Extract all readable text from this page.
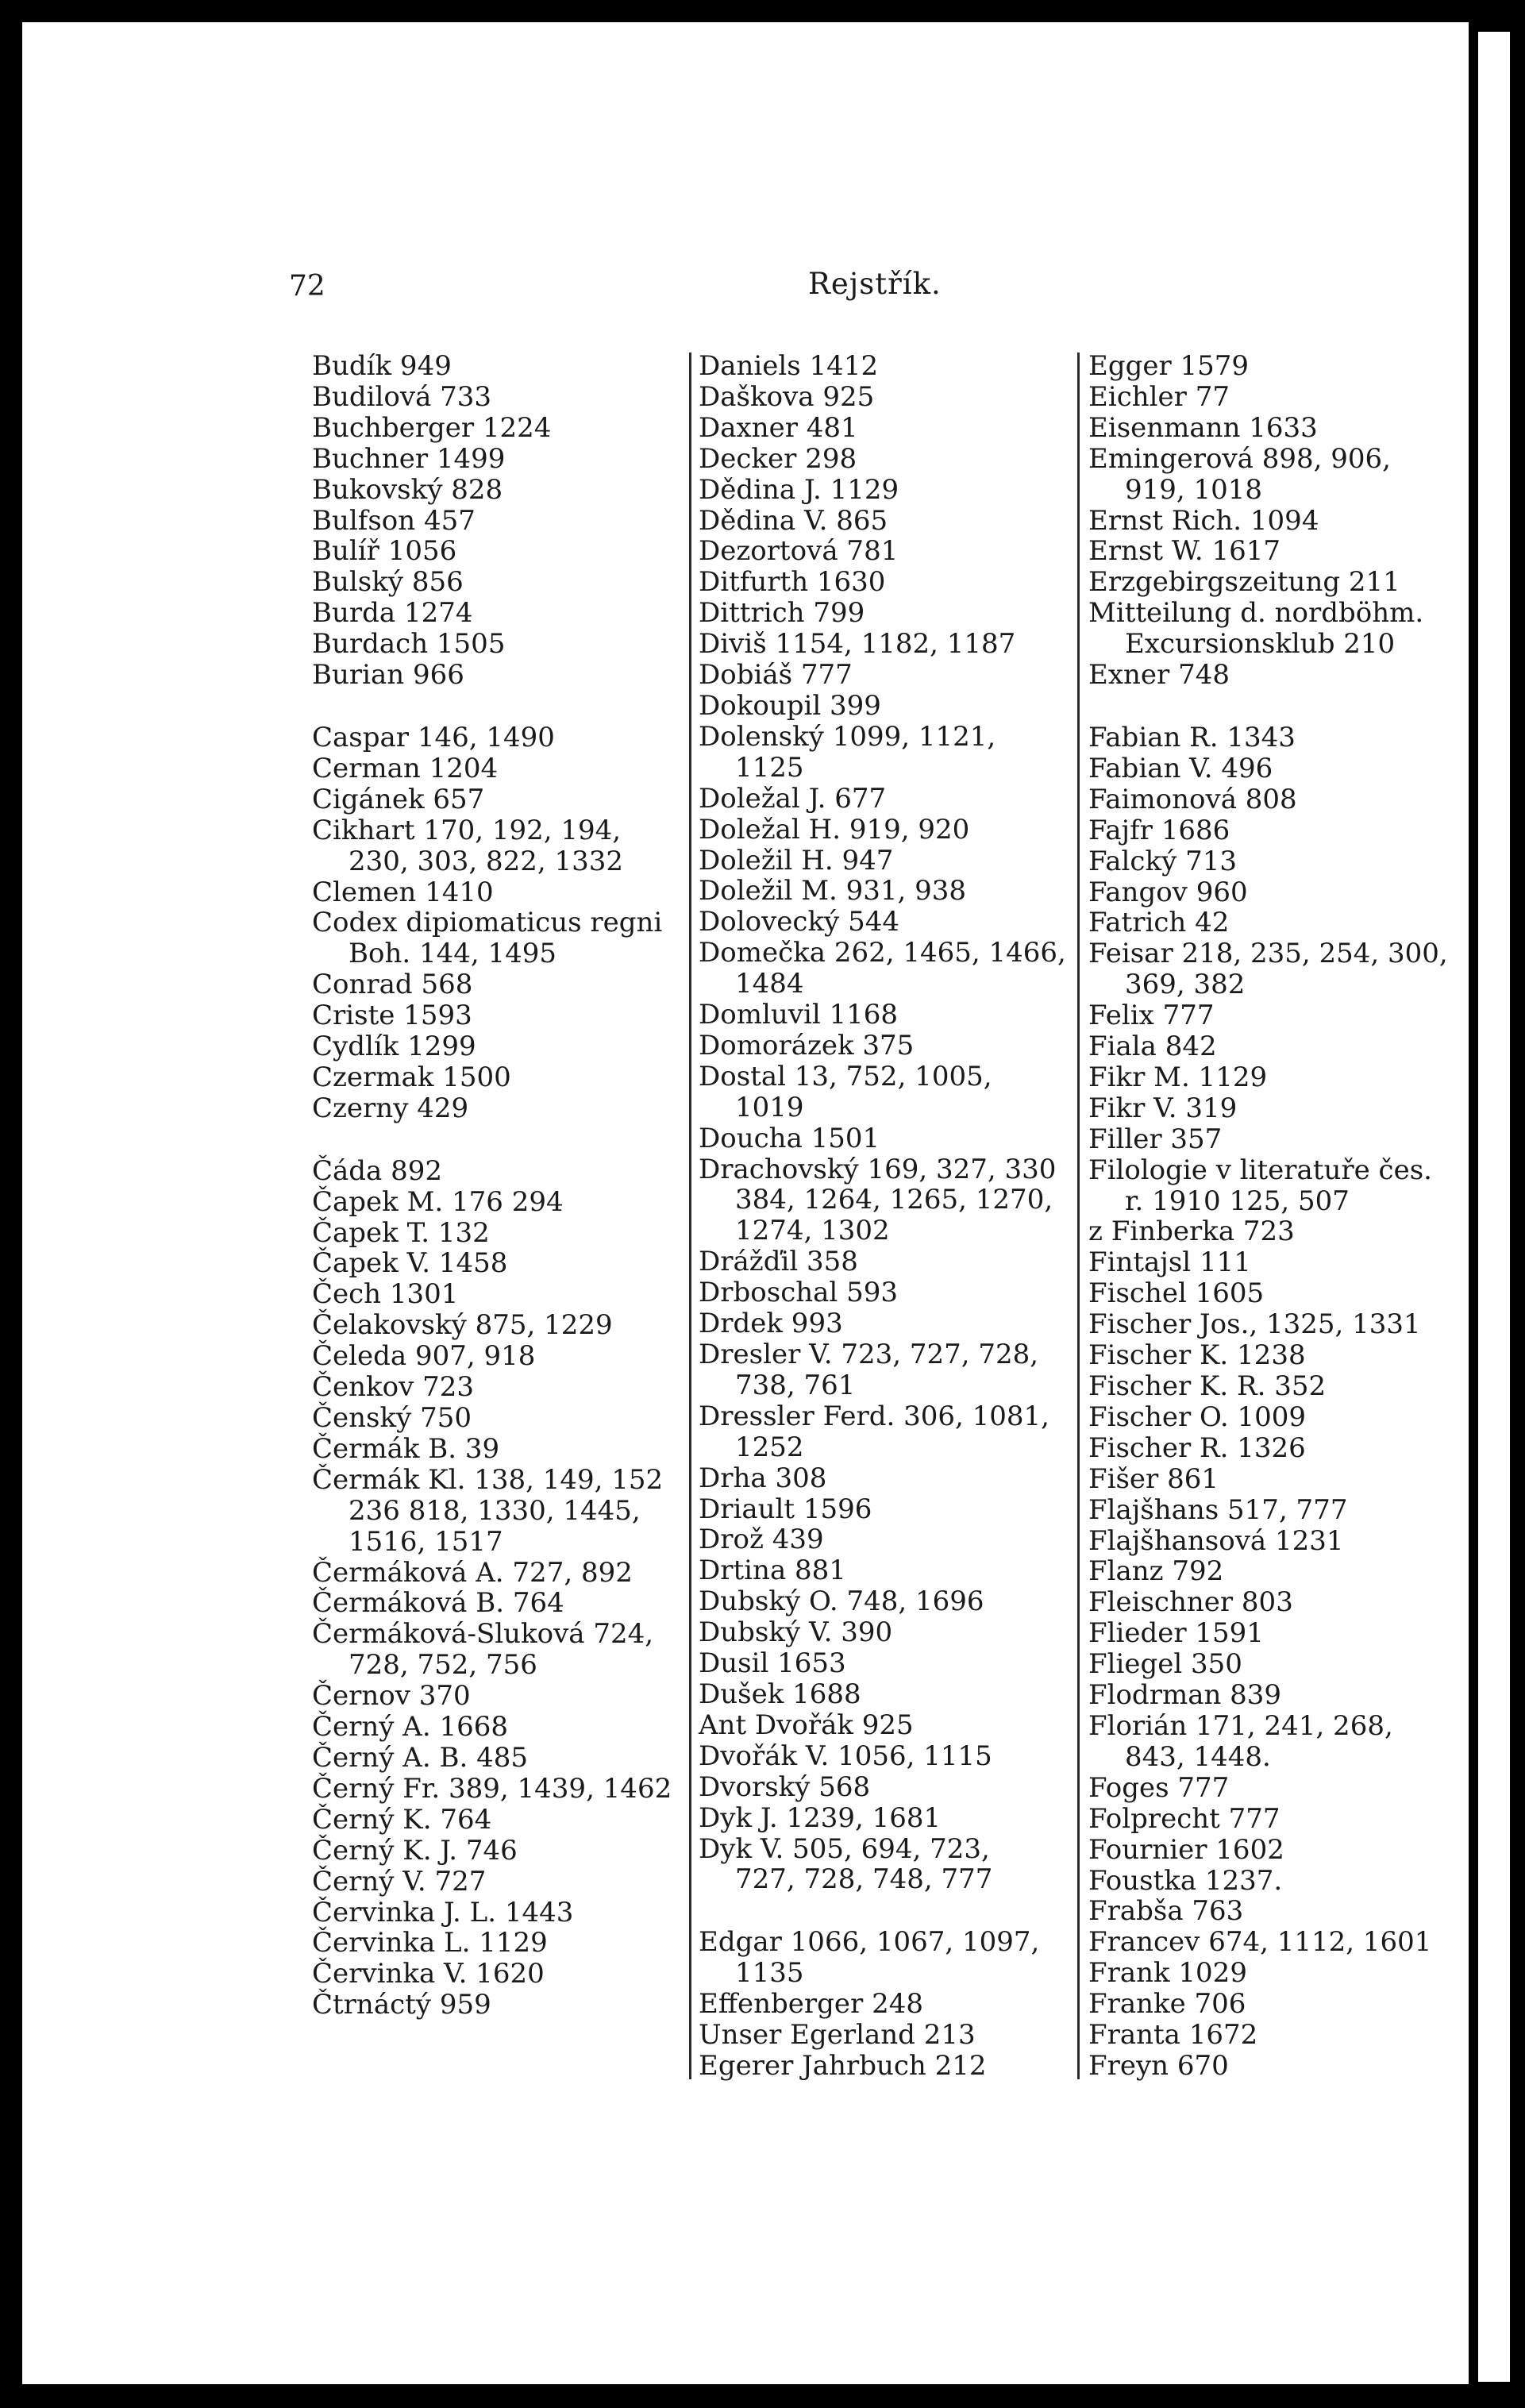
72	Rejstřík.
Budík 949
Budilová 733
Buchberger 1224
Buchner 1499
Bukovský 828
Bulfson 457
Bulíř 1056
Bulský 856
Burda 1274
Burdach 1505
Burian 966
Caspar 146, 1490
Cerman 1204
Cigánek 657
Cikhart 170, 192, 194,
230, 303, 822, 1332
Clemen 1410
Codex dipiomaticus regni
Boh. 144, 1495
Conrad 568
Criste 1593
Cydlík 1299
Czermak 1500
Czerny 429
Čáda 892
Čapek M. 176 294
Čapek T. 132
Čapek V. 1458
Čech 1301
Čelakovský 875, 1229
Čeleda 907, 918
Čenkov 723
Čenský 750
Čermák B. 39
Čermák Kl. 138, 149, 152
236 818, 1330, 1445,
1516, 1517
Čermáková A. 727, 892
Čermáková B. 764
Čermáková-Sluková 724,
728, 752, 756
Černov 370
Černý A. 1668
Černý A. B. 485
Černý Fr. 389, 1439, 1462
Černý K. 764
Černý K. J. 746
Černý V. 727
Červinka J. L. 1443
Červinka L. 1129
Červinka V. 1620
Čtrnáctý 959
Daniels 1412
Daškova 925
Daxner 481
Decker 298
Dědina J. 1129
Dědina V. 865
Dezortová 781
Ditfurth 1630
Dittrich 799
Diviš 1154, 1182, 1187
Dobiáš 777
Dokoupil 399
Dolenský 1099, 1121,
1125
Doležal J. 677
Doležal H. 919, 920
Doležil H. 947
Doležil M. 931, 938
Dolovecký 544
Domečka 262, 1465, 1466,
1484
Domluvil 1168
Domorázek 375
Dostal 13, 752, 1005,
1019
Doucha 1501
Drachovský 169, 327, 330
384, 1264, 1265, 1270,
1274, 1302
Drážďil 358
Drboschal 593
Drdek 993
Dresler V. 723, 727, 728,
738, 761
Dressler Ferd. 306, 1081,
1252
Drha 308
Driault 1596
Drož 439
Drtina 881
Dubský O. 748, 1696
Dubský V. 390
Dusil 1653
Dušek 1688
Ant Dvořák 925
Dvořák V. 1056, 1115
Dvorský 568
Dyk J. 1239, 1681
Dyk V. 505, 694, 723,
727, 728, 748, 777
Edgar 1066, 1067, 1097,
1135
Effenberger 248
Unser Egerland 213
Egerer Jahrbuch 212
Egger 1579
Eichler 77
Eisenmann 1633
Emingerová 898, 906,
919, 1018
Ernst Rich. 1094
Ernst W. 1617
Erzgebirgszeitung 211
Mitteilung d. nordböhm.
Excursionsklub 210
Exner 748
Fabian R. 1343
Fabian V. 496
Faimonová 808
Fajfr 1686
Falcký 713
Fangov 960
Fatrich 42
Feisar 218, 235, 254, 300,
369, 382
Felix 777
Fiala 842
Fikr M. 1129
Fikr V. 319
Filler 357
Filologie v literatuře čes.
r. 1910 125, 507
z Finberka 723
Fintajsl 111
Fischel 1605
Fischer Jos., 1325, 1331
Fischer K. 1238
Fischer K. R. 352
Fischer O. 1009
Fischer R. 1326
Fišer 861
Flajšhans 517, 777
Flajšhansová 1231
Flanz 792
Fleischner 803
Flieder 1591
Fliegel 350
Flodrman 839
Florián 171, 241, 268,
843, 1448.
Foges 777
Folprecht 777
Fournier 1602
Foustka 1237.
Frabša 763
Francev 674, 1112, 1601
Frank 1029
Franke 706
Franta 1672
Freyn 670
